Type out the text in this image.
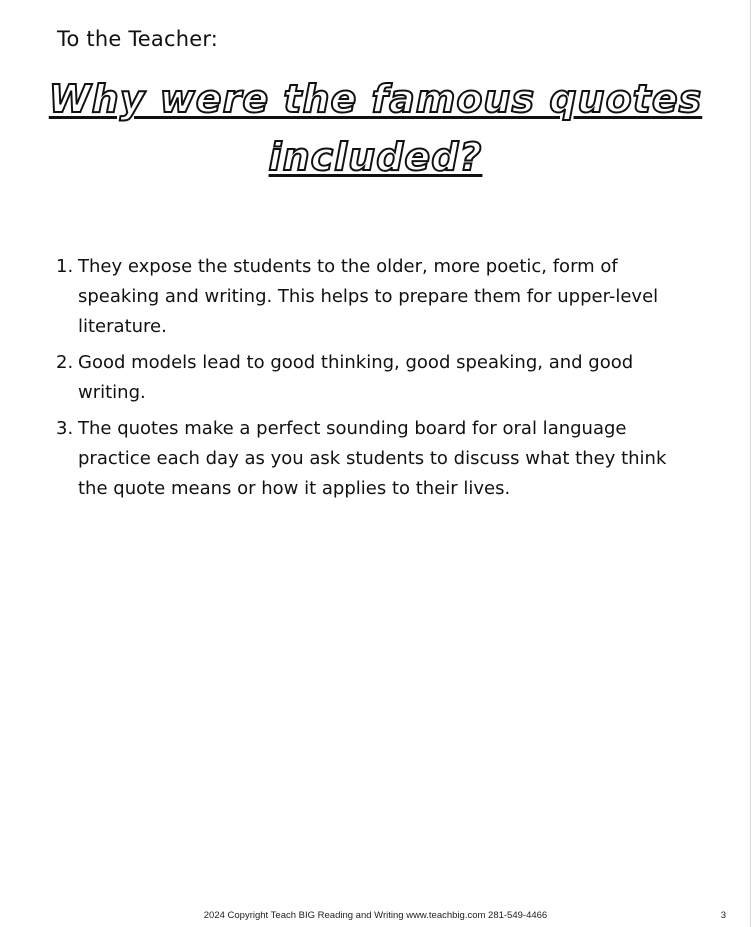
To the Teacher:
Why were the famous quotes
included?
1. They expose the students to the older, more poetic, form of speaking and writing. This helps to prepare them for upper-level literature.
2. Good models lead to good thinking, good speaking, and good writing.
3. The quotes make a perfect sounding board for oral language practice each day as you ask students to discuss what they think the quote means or how it applies to their lives.
2024 Copyright Teach BIG Reading and Writing www.teachbig.com 281-549-4466	3
